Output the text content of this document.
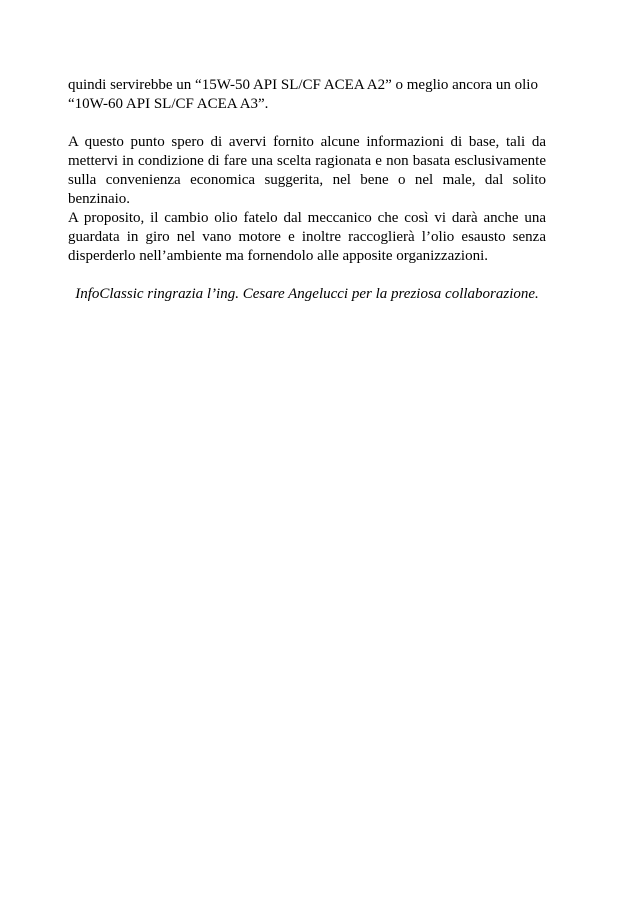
quindi servirebbe un “15W-50 API SL/CF ACEA A2” o meglio ancora un olio “10W-60 API SL/CF ACEA A3”.

A questo punto spero di avervi fornito alcune informazioni di base, tali da mettervi in condizione di fare una scelta ragionata e non basata esclusivamente sulla convenienza economica suggerita, nel bene o nel male, dal solito benzinaio.

A proposito, il cambio olio fatelo dal meccanico che così vi darà anche una guardata in giro nel vano motore e inoltre raccoglierà l’olio esausto senza disperderlo nell’ambiente ma fornendolo alle apposite organizzazioni.

InfoClassic ringrazia l’ing. Cesare Angelucci per la preziosa collaborazione.
